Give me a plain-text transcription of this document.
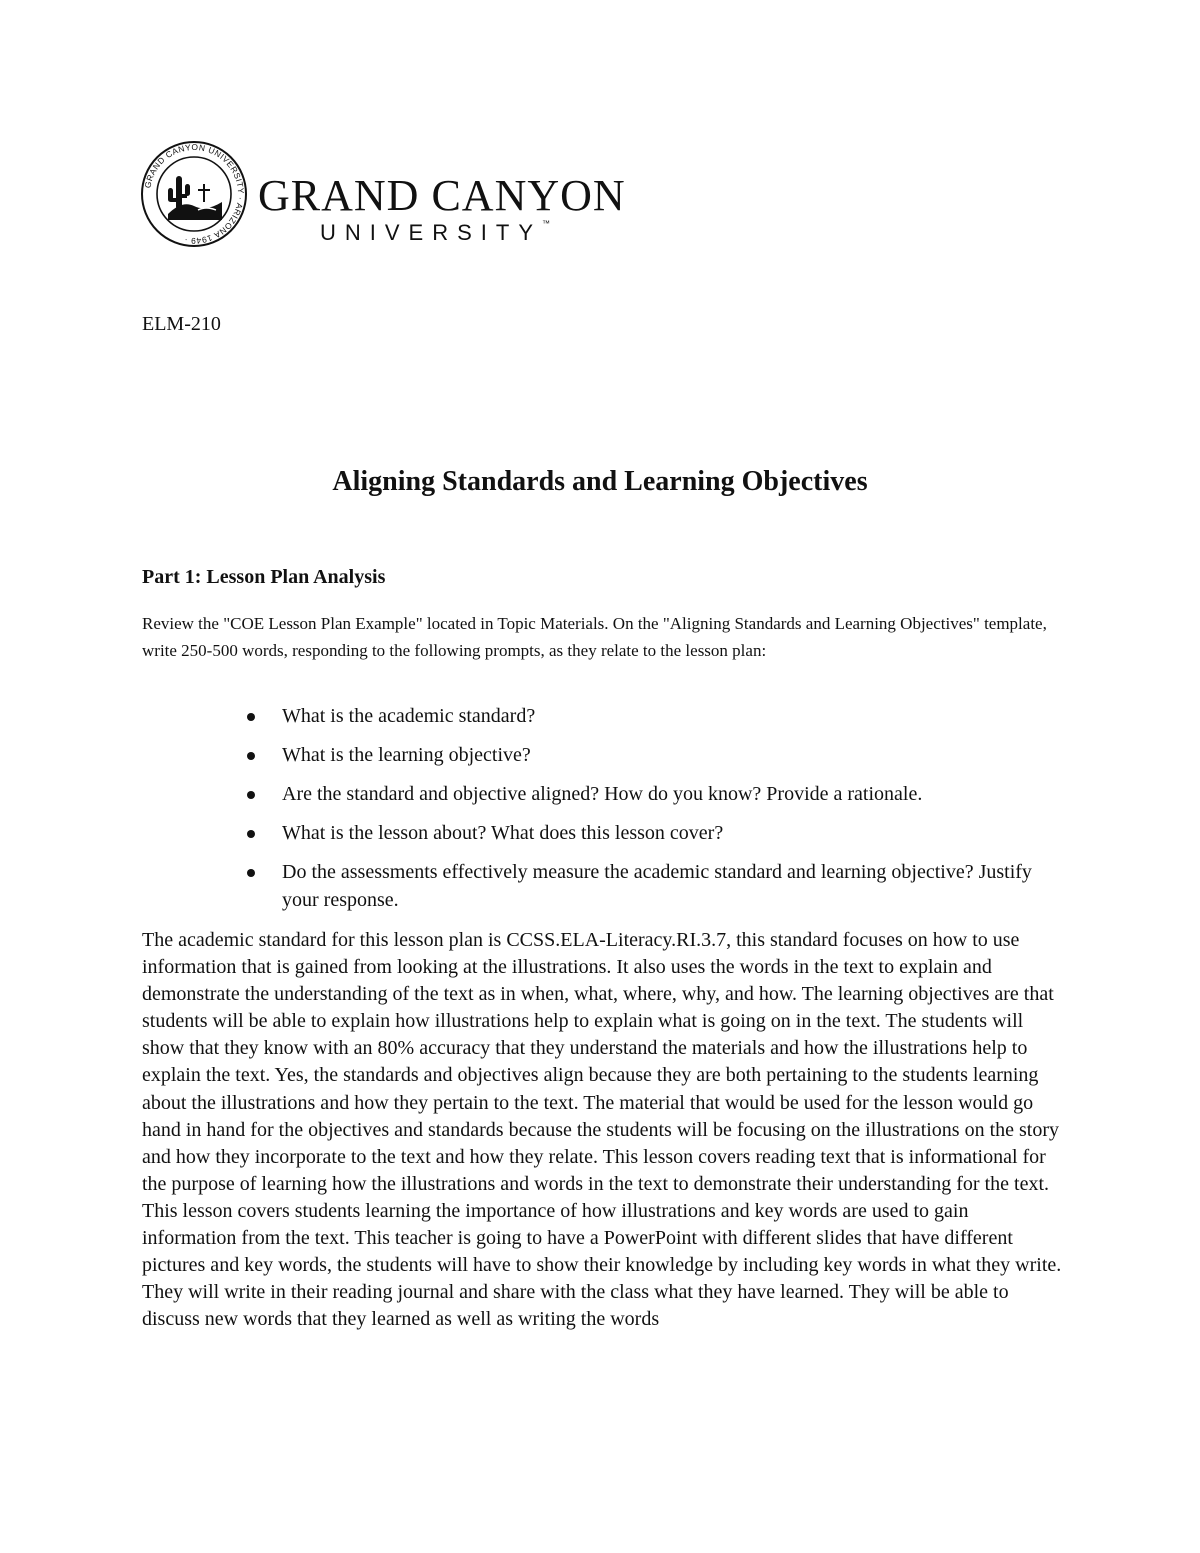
GRAND CANYON UNIVERSITY · ARIZONA 1949 ·
GRAND CANYON
UNIVERSITY™
ELM-210
Aligning Standards and Learning Objectives
Part 1: Lesson Plan Analysis
Review the "COE Lesson Plan Example" located in Topic Materials. On the "Aligning Standards and Learning Objectives" template, write 250-500 words, responding to the following prompts, as they relate to the lesson plan:
What is the academic standard?
What is the learning objective?
Are the standard and objective aligned? How do you know? Provide a rationale.
What is the lesson about? What does this lesson cover?
Do the assessments effectively measure the academic standard and learning objective? Justify your response.
The academic standard for this lesson plan is CCSS.ELA-Literacy.RI.3.7, this standard focuses on how to use information that is gained from looking at the illustrations. It also uses the words in the text to explain and demonstrate the understanding of the text as in when, what, where, why, and how. The learning objectives are that students will be able to explain how illustrations help to explain what is going on in the text. The students will show that they know with an 80% accuracy that they understand the materials and how the illustrations help to explain the text. Yes, the standards and objectives align because they are both pertaining to the students learning about the illustrations and how they pertain to the text. The material that would be used for the lesson would go hand in hand for the objectives and standards because the students will be focusing on the illustrations on the story and how they incorporate to the text and how they relate. This lesson covers reading text that is informational for the purpose of learning how the illustrations and words in the text to demonstrate their understanding for the text. This lesson covers students learning the importance of how illustrations and key words are used to gain information from the text. This teacher is going to have a PowerPoint with different slides that have different pictures and key words, the students will have to show their knowledge by including key words in what they write. They will write in their reading journal and share with the class what they have learned. They will be able to discuss new words that they learned as well as writing the words
